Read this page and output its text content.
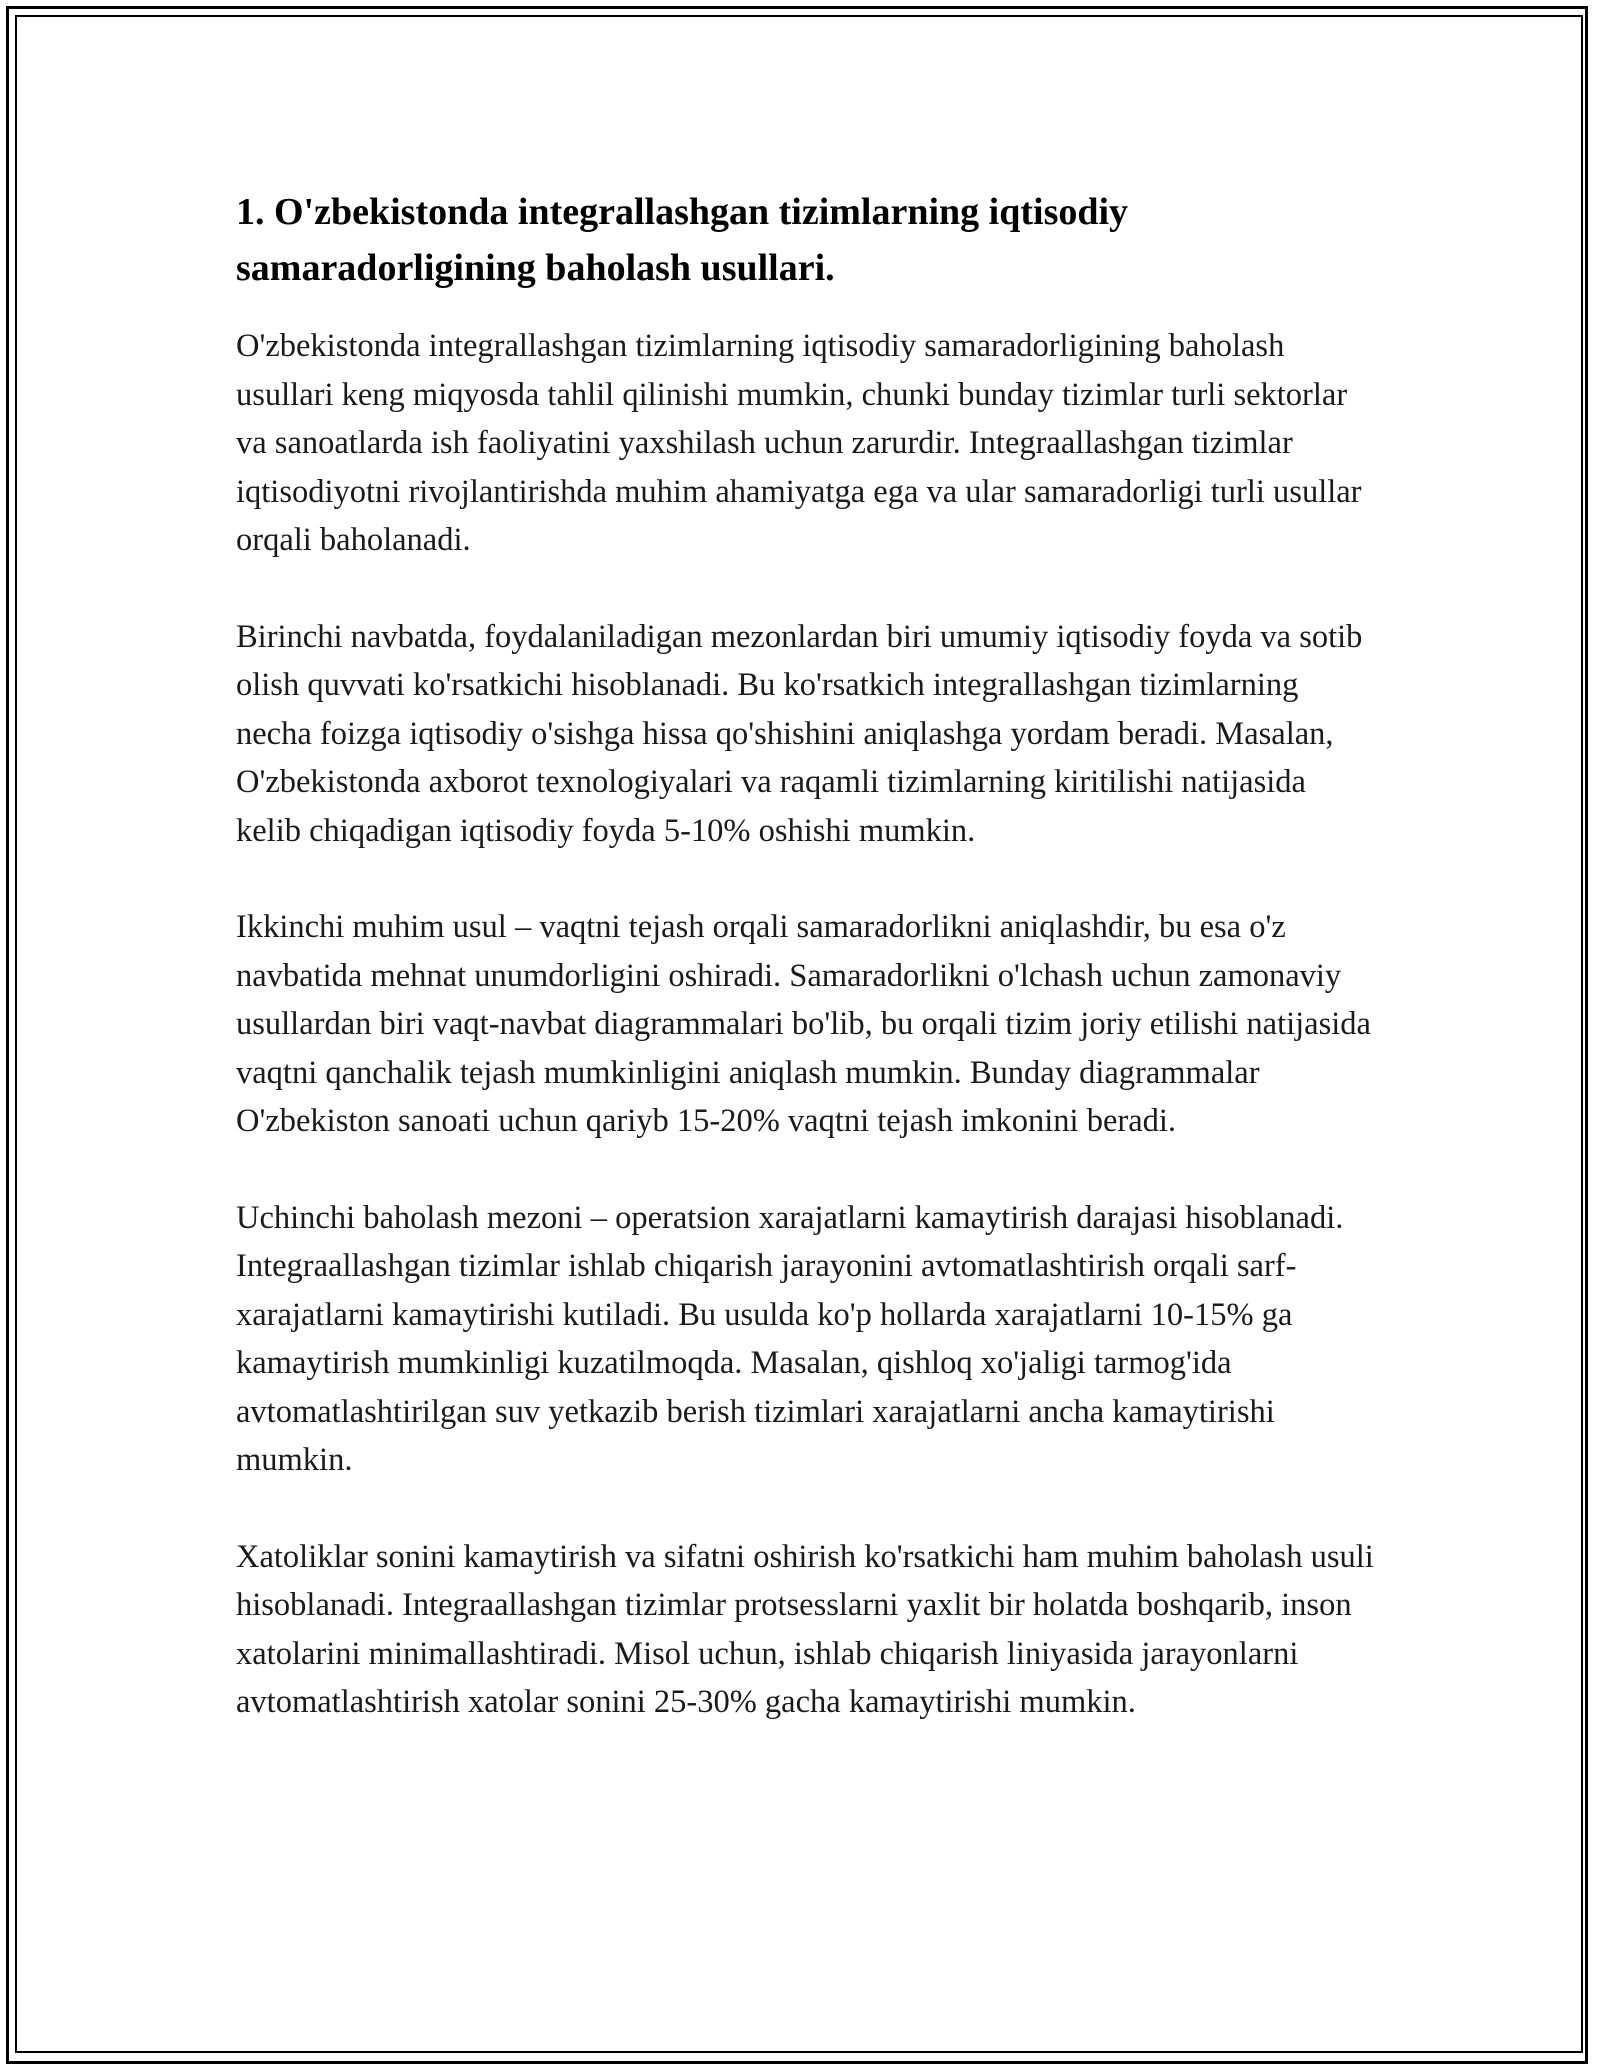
1. O'zbekistonda integrallashgan tizimlarning iqtisodiy samaradorligining baholash usullari.

O'zbekistonda integrallashgan tizimlarning iqtisodiy samaradorligining baholash usullari keng miqyosda tahlil qilinishi mumkin, chunki bunday tizimlar turli sektorlar va sanoatlarda ish faoliyatini yaxshilash uchun zarurdir. Integraallashgan tizimlar iqtisodiyotni rivojlantirishda muhim ahamiyatga ega va ular samaradorligi turli usullar orqali baholanadi.

Birinchi navbatda, foydalaniladigan mezonlardan biri umumiy iqtisodiy foyda va sotib olish quvvati ko'rsatkichi hisoblanadi. Bu ko'rsatkich integrallashgan tizimlarning necha foizga iqtisodiy o'sishga hissa qo'shishini aniqlashga yordam beradi. Masalan, O'zbekistonda axborot texnologiyalari va raqamli tizimlarning kiritilishi natijasida kelib chiqadigan iqtisodiy foyda 5-10% oshishi mumkin.

Ikkinchi muhim usul – vaqtni tejash orqali samaradorlikni aniqlashdir, bu esa o'z navbatida mehnat unumdorligini oshiradi. Samaradorlikni o'lchash uchun zamonaviy usullardan biri vaqt-navbat diagrammalari bo'lib, bu orqali tizim joriy etilishi natijasida vaqtni qanchalik tejash mumkinligini aniqlash mumkin. Bunday diagrammalar O'zbekiston sanoati uchun qariyb 15-20% vaqtni tejash imkonini beradi.

Uchinchi baholash mezoni – operatsion xarajatlarni kamaytirish darajasi hisoblanadi. Integraallashgan tizimlar ishlab chiqarish jarayonini avtomatlashtirish orqali sarf-xarajatlarni kamaytirishi kutiladi. Bu usulda ko'p hollarda xarajatlarni 10-15% ga kamaytirish mumkinligi kuzatilmoqda. Masalan, qishloq xo'jaligi tarmog'ida avtomatlashtirilgan suv yetkazib berish tizimlari xarajatlarni ancha kamaytirishi mumkin.

Xatoliklar sonini kamaytirish va sifatni oshirish ko'rsatkichi ham muhim baholash usuli hisoblanadi. Integraallashgan tizimlar protsesslarni yaxlit bir holatda boshqarib, inson xatolarini minimallashtiradi. Misol uchun, ishlab chiqarish liniyasida jarayonlarni avtomatlashtirish xatolar sonini 25-30% gacha kamaytirishi mumkin.
